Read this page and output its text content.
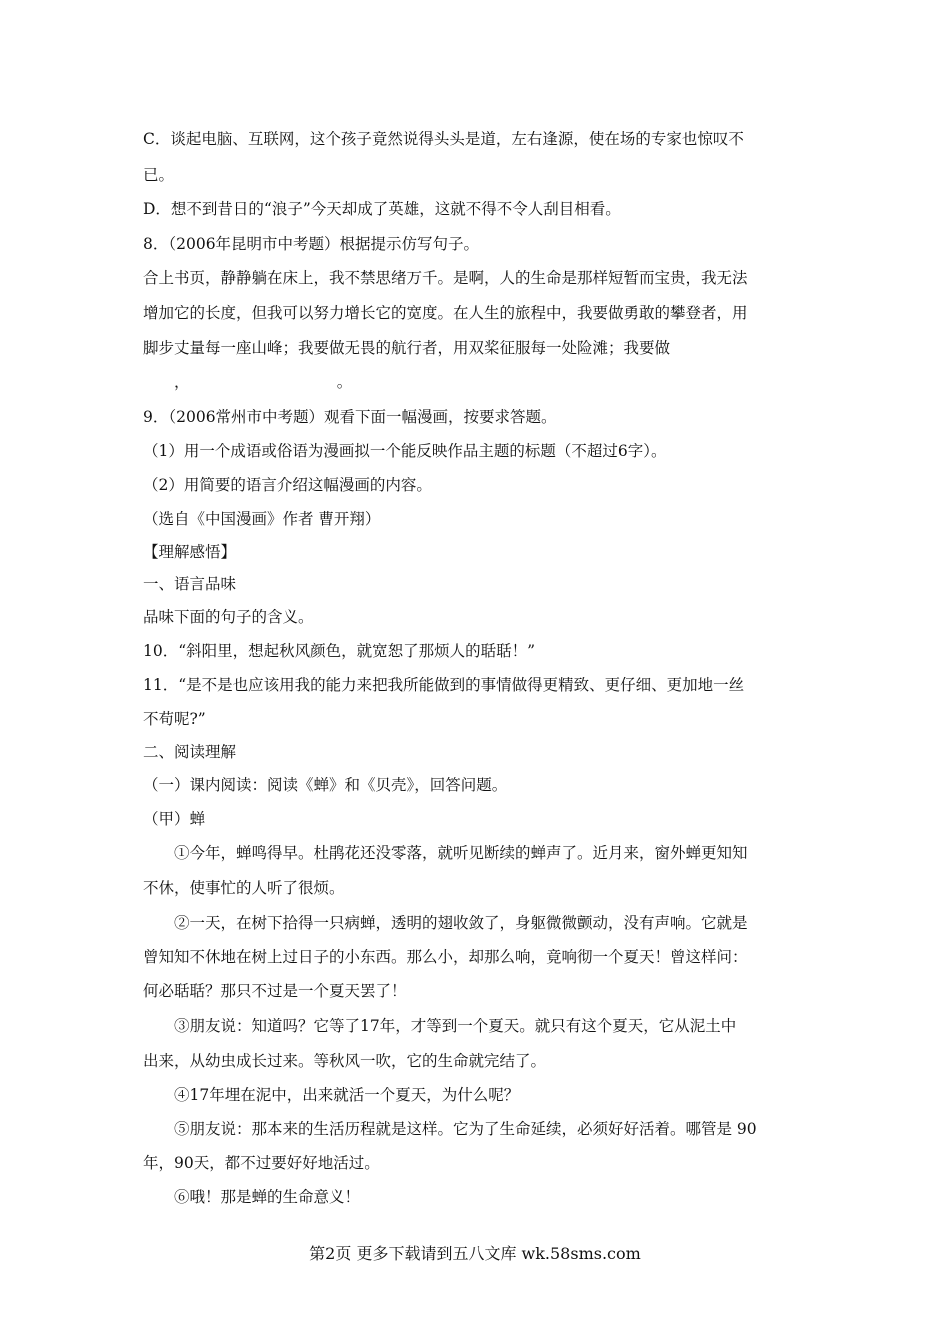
C．谈起电脑、互联网，这个孩子竟然说得头头是道，左右逢源，使在场的专家也惊叹不
已。
D．想不到昔日的“浪子”今天却成了英雄，这就不得不令人刮目相看。
8．（2006年昆明市中考题）根据提示仿写句子。
合上书页，静静躺在床上，我不禁思绪万千。是啊，人的生命是那样短暂而宝贵，我无法
增加它的长度，但我可以努力增长它的宽度。在人生的旅程中，我要做勇敢的攀登者，用
脚步丈量每一座山峰；我要做无畏的航行者，用双桨征服每一处险滩；我要做
　　，　　　　　　　　　　。
9．（2006常州市中考题）观看下面一幅漫画，按要求答题。
（1）用一个成语或俗语为漫画拟一个能反映作品主题的标题（不超过6字）。
（2）用简要的语言介绍这幅漫画的内容。
（选自《中国漫画》作者 曹开翔）
【理解感悟】
一、语言品味
品味下面的句子的含义。
10．“斜阳里，想起秋风颜色，就宽恕了那烦人的聒聒！”
11．“是不是也应该用我的能力来把我所能做到的事情做得更精致、更仔细、更加地一丝
不苟呢?”
二、阅读理解
（一）课内阅读：阅读《蝉》和《贝壳》，回答问题。
（甲）蝉
　　①今年，蝉鸣得早。杜鹃花还没零落，就听见断续的蝉声了。近月来，窗外蝉更知知
不休，使事忙的人听了很烦。
　　②一天，在树下拾得一只病蝉，透明的翅收敛了，身躯微微颤动，没有声响。它就是
曾知知不休地在树上过日子的小东西。那么小，却那么响，竟响彻一个夏天！曾这样问：
何必聒聒？那只不过是一个夏天罢了！
　　③朋友说：知道吗？它等了17年，才等到一个夏天。就只有这个夏天，它从泥土中
出来，从幼虫成长过来。等秋风一吹，它的生命就完结了。
　　④17年埋在泥中，出来就活一个夏天，为什么呢？
　　⑤朋友说：那本来的生活历程就是这样。它为了生命延续，必须好好活着。哪管是 90
年，90天，都不过要好好地活过。
　　⑥哦！那是蝉的生命意义！
第2页 更多下载请到五八文库 wk.58sms.com
